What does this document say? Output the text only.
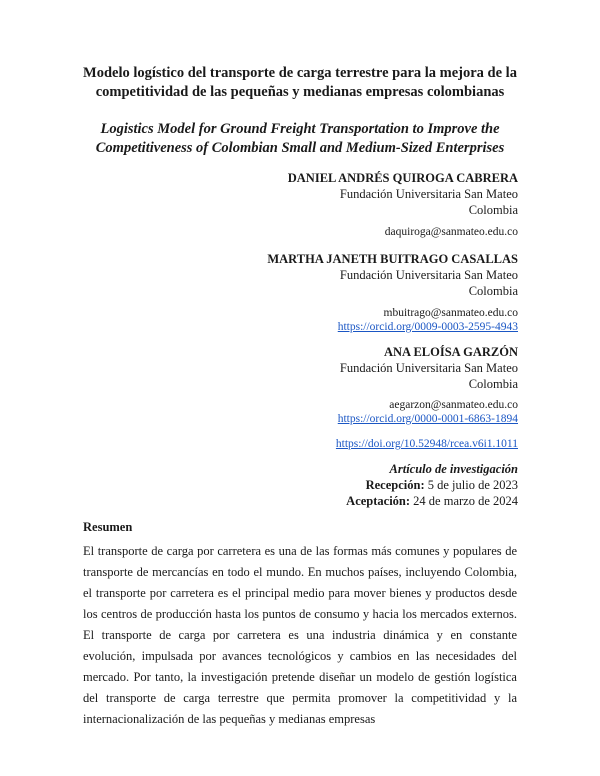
Modelo logístico del transporte de carga terrestre para la mejora de la competitividad de las pequeñas y medianas empresas colombianas
Logistics Model for Ground Freight Transportation to Improve the Competitiveness of Colombian Small and Medium-Sized Enterprises
DANIEL ANDRÉS QUIROGA CABRERA
Fundación Universitaria San Mateo
Colombia
daquiroga@sanmateo.edu.co
MARTHA JANETH BUITRAGO CASALLAS
Fundación Universitaria San Mateo
Colombia
mbuitrago@sanmateo.edu.co
https://orcid.org/0009-0003-2595-4943
ANA ELOÍSA GARZÓN
Fundación Universitaria San Mateo
Colombia
aegarzon@sanmateo.edu.co
https://orcid.org/0000-0001-6863-1894
https://doi.org/10.52948/rcea.v6i1.1011
Artículo de investigación
Recepción: 5 de julio de 2023
Aceptación: 24 de marzo de 2024
Resumen

El transporte de carga por carretera es una de las formas más comunes y populares de transporte de mercancías en todo el mundo. En muchos países, incluyendo Colombia, el transporte por carretera es el principal medio para mover bienes y productos desde los centros de producción hasta los puntos de consumo y hacia los mercados externos. El transporte de carga por carretera es una industria dinámica y en constante evolución, impulsada por avances tecnológicos y cambios en las necesidades del mercado. Por tanto, la investigación pretende diseñar un modelo de gestión logística del transporte de carga terrestre que permita promover la competitividad y la internacionalización de las pequeñas y medianas empresas
